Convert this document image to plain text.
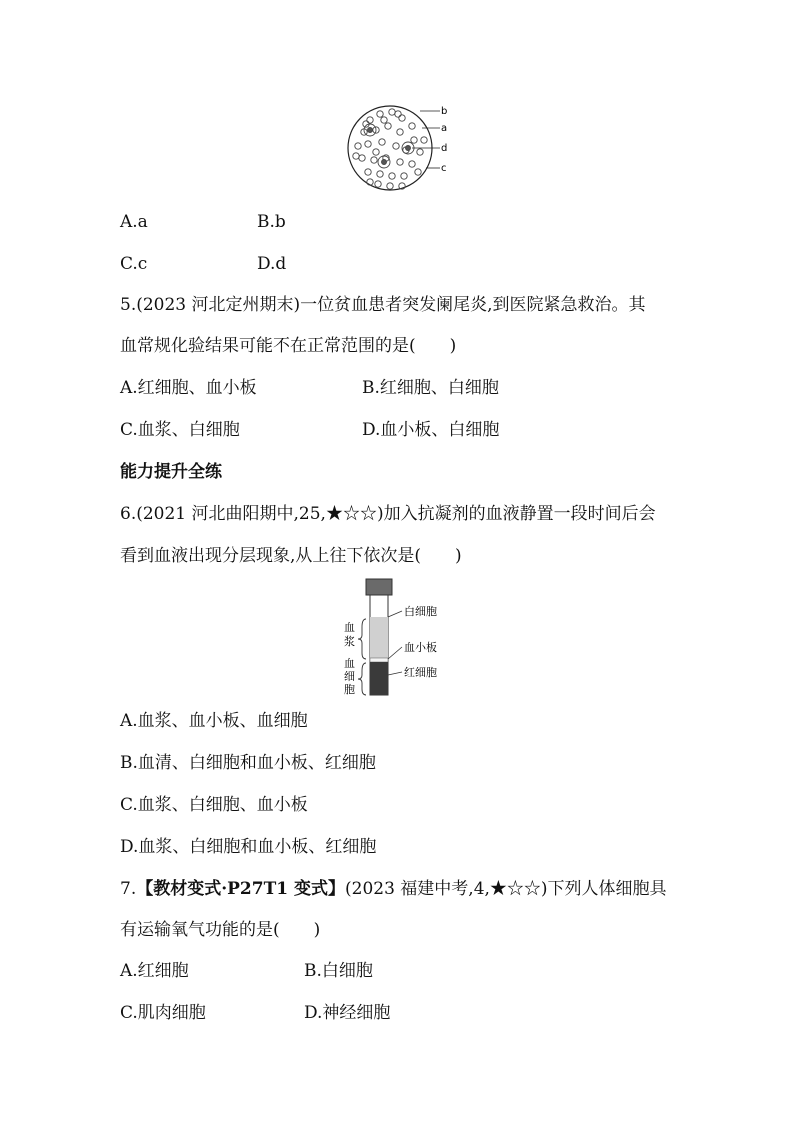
b
a
d
c
A.a	B.b
C.c	D.d
5.(2023 河北定州期末)一位贫血患者突发阑尾炎,到医院紧急救治。其
血常规化验结果可能不在正常范围的是(　　)
A.红细胞、血小板	B.红细胞、白细胞
C.血浆、白细胞	D.血小板、白细胞
能力提升全练
6.(2021 河北曲阳期中,25,★☆☆)加入抗凝剂的血液静置一段时间后会
看到血液出现分层现象,从上往下依次是(　　)
血
浆
血
细
胞
白细胞
血小板
红细胞
A.血浆、血小板、血细胞
B.血清、白细胞和血小板、红细胞
C.血浆、白细胞、血小板
D.血浆、白细胞和血小板、红细胞
7.【教材变式·P27T1 变式】(2023 福建中考,4,★☆☆)下列人体细胞具
有运输氧气功能的是(　　)
A.红细胞	B.白细胞
C.肌肉细胞	D.神经细胞
